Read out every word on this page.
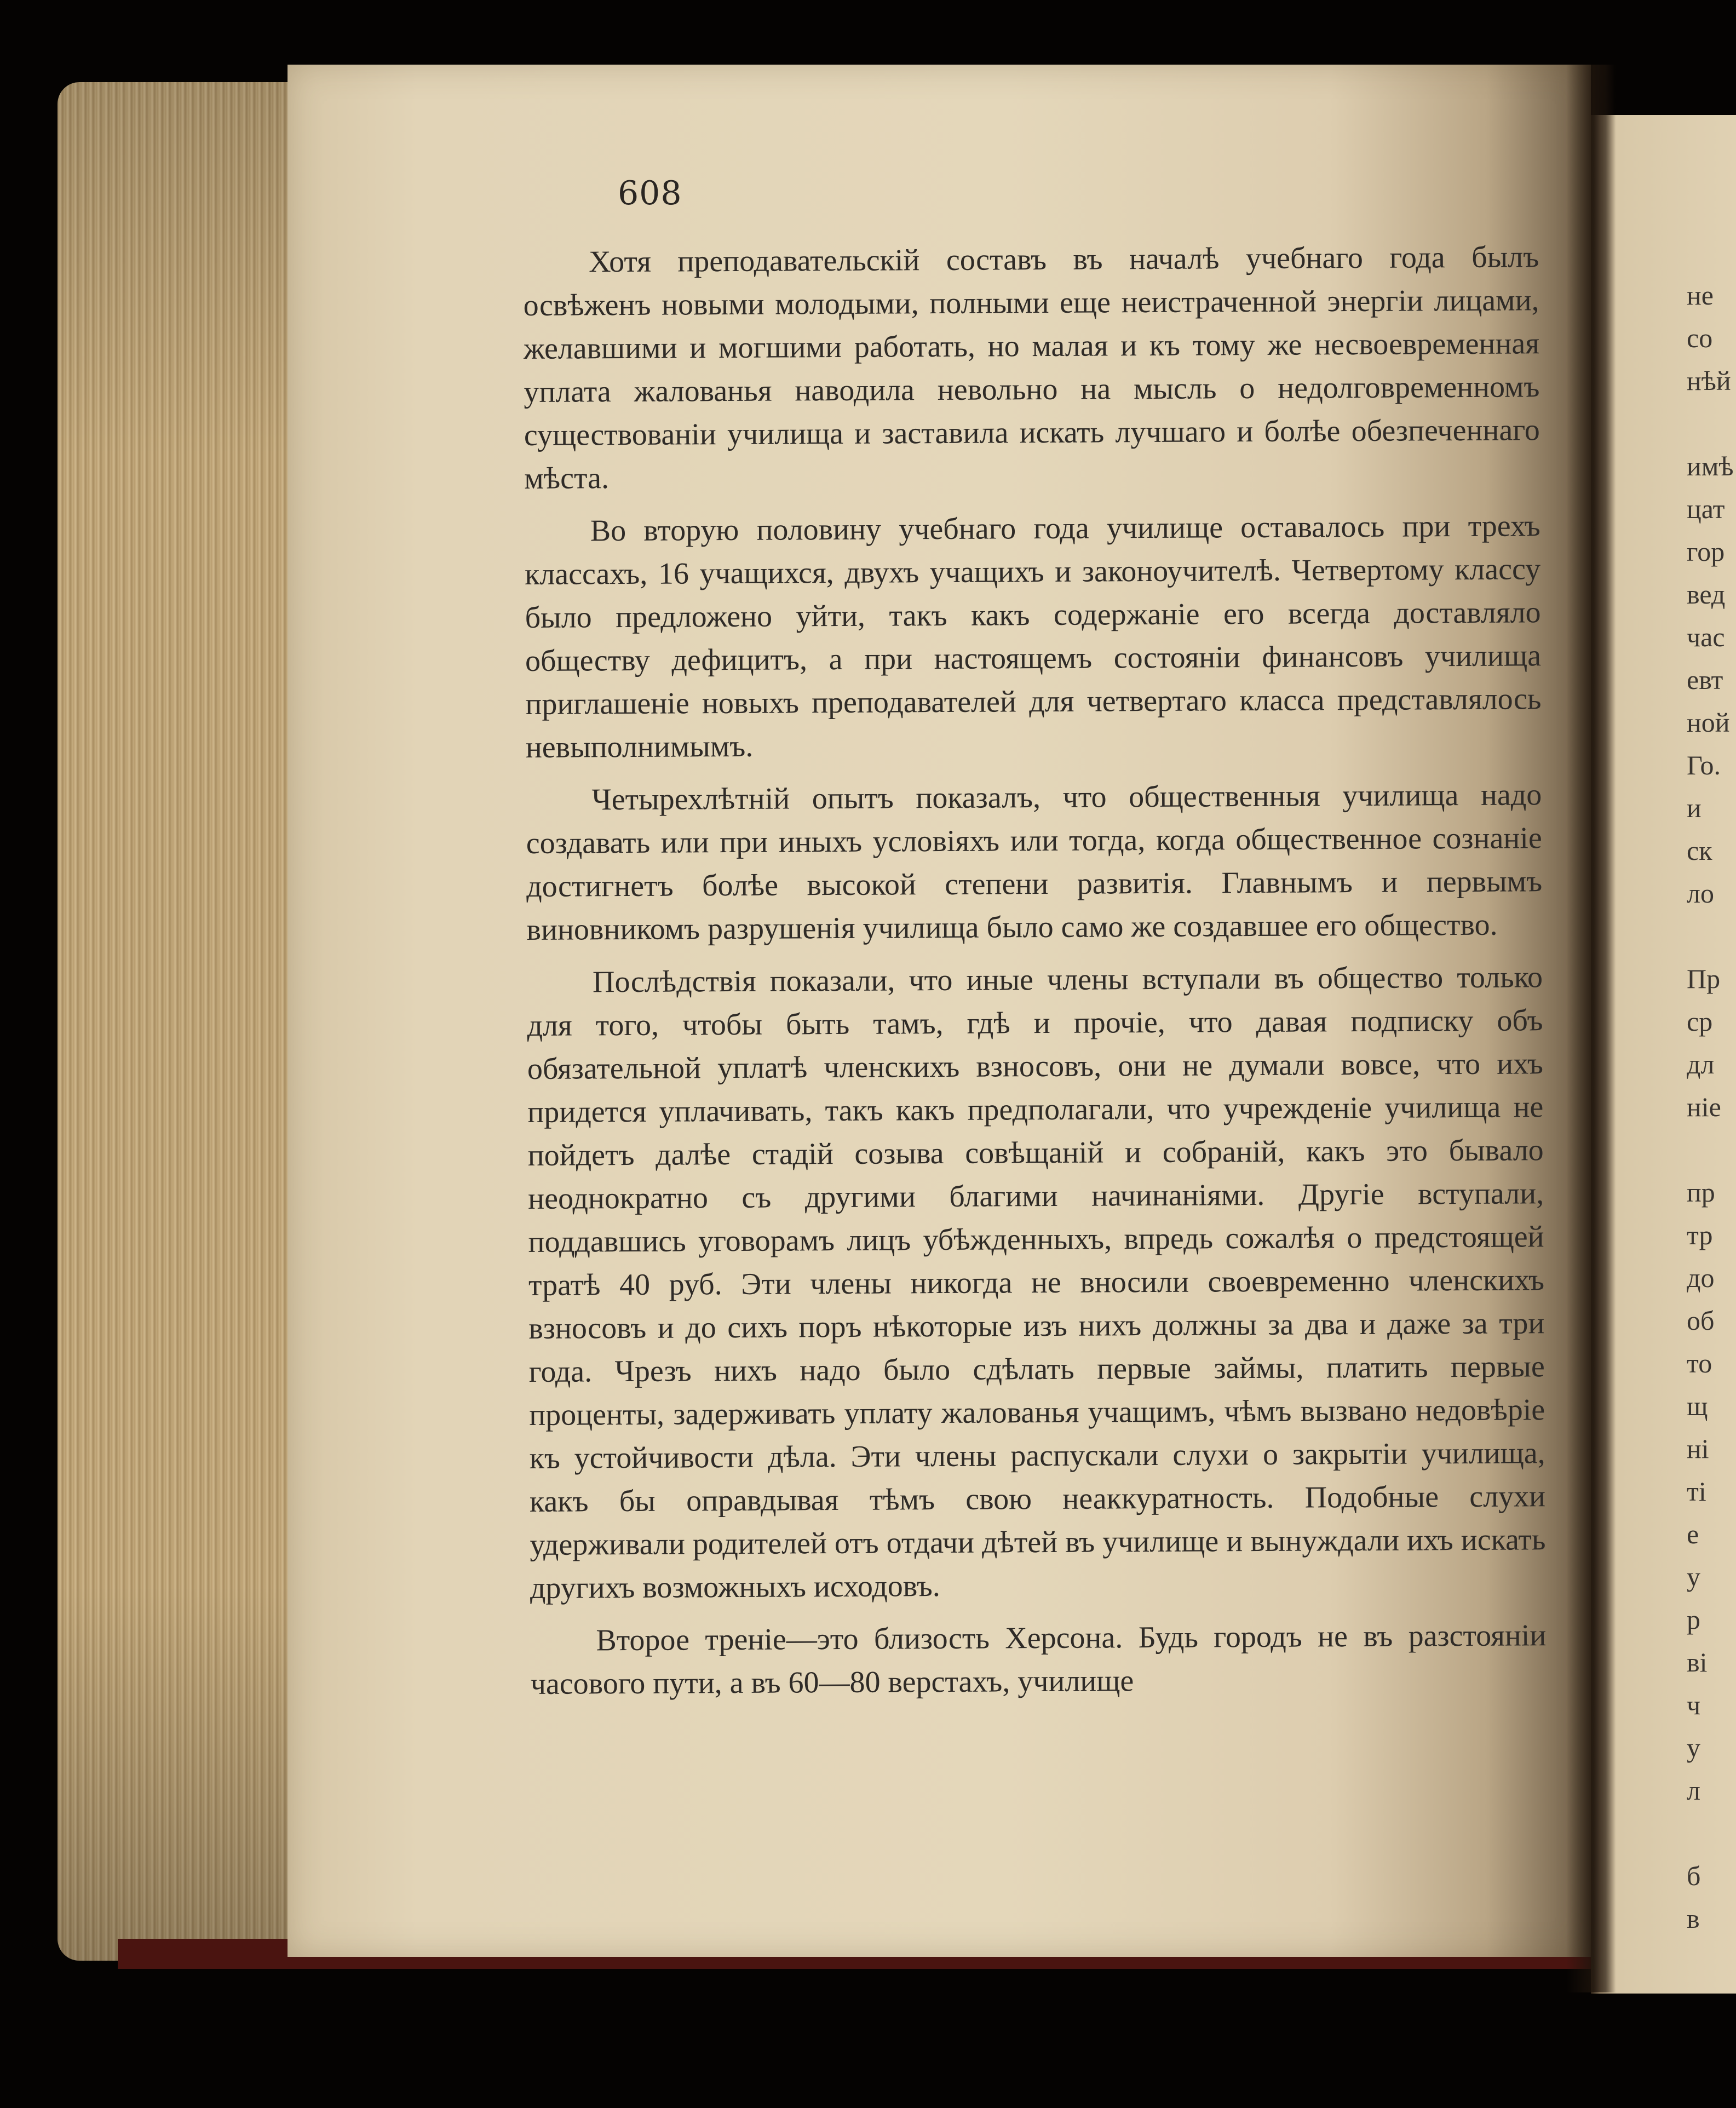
608

Хотя преподавательскій составъ въ началѣ учебнаго года былъ освѣженъ новыми молодыми, полными еще неистраченной энергіи лицами, желавшими и могшими работать, но малая и къ тому же несвоевременная уплата жалованья наводила невольно на мысль о недолговременномъ существованіи училища и заставила искать лучшаго и болѣе обезпеченнаго мѣста.

Во вторую половину учебнаго года училище оставалось при трехъ классахъ, 16 учащихся, двухъ учащихъ и законоучителѣ. Четвертому классу было предложено уйти, такъ какъ содержаніе его всегда доставляло обществу дефицитъ, а при настоящемъ состояніи финансовъ училища приглашеніе новыхъ преподавателей для четвертаго класса представлялось невыполнимымъ.

Четырехлѣтній опытъ показалъ, что общественныя училища надо создавать или при иныхъ условіяхъ или тогда, когда общественное сознаніе достигнетъ болѣе высокой степени развитія. Главнымъ и первымъ виновникомъ разрушенія училища было само же создавшее его общество.

Послѣдствія показали, что иные члены вступали въ общество только для того, чтобы быть тамъ, гдѣ и прочіе, что давая подписку объ обязательной уплатѣ членскихъ взносовъ, они не думали вовсе, что ихъ придется уплачивать, такъ какъ предполагали, что учрежденіе училища не пойдетъ далѣе стадій созыва совѣщаній и собраній, какъ это бывало неоднократно съ другими благими начинаніями. Другіе вступали, поддавшись уговорамъ лицъ убѣжденныхъ, впредь сожалѣя о предстоящей тратѣ 40 руб. Эти члены никогда не вносили своевременно членскихъ взносовъ и до сихъ поръ нѣкоторые изъ нихъ должны за два и даже за три года. Чрезъ нихъ надо было сдѣлать первые займы, платить первые проценты, задерживать уплату жалованья учащимъ, чѣмъ вызвано недовѣріе къ устойчивости дѣла. Эти члены распускали слухи о закрытіи училища, какъ бы оправдывая тѣмъ свою неаккуратность. Подобные слухи удерживали родителей отъ отдачи дѣтей въ училище и вынуждали ихъ искать другихъ возможныхъ исходовъ.

Второе треніе—это близость Херсона. Будь городъ не въ разстояніи часового пути, а въ 60—80 верстахъ, училище

не
со
нѣй
имѣ
цат
гор
вед
час
евт
ной
Го.
и
ск
ло
Пр
ср
дл
ніе
пр
тр
до
об
то
щ
ні
ті
е
у
р
ві
ч
у
л
б
в
